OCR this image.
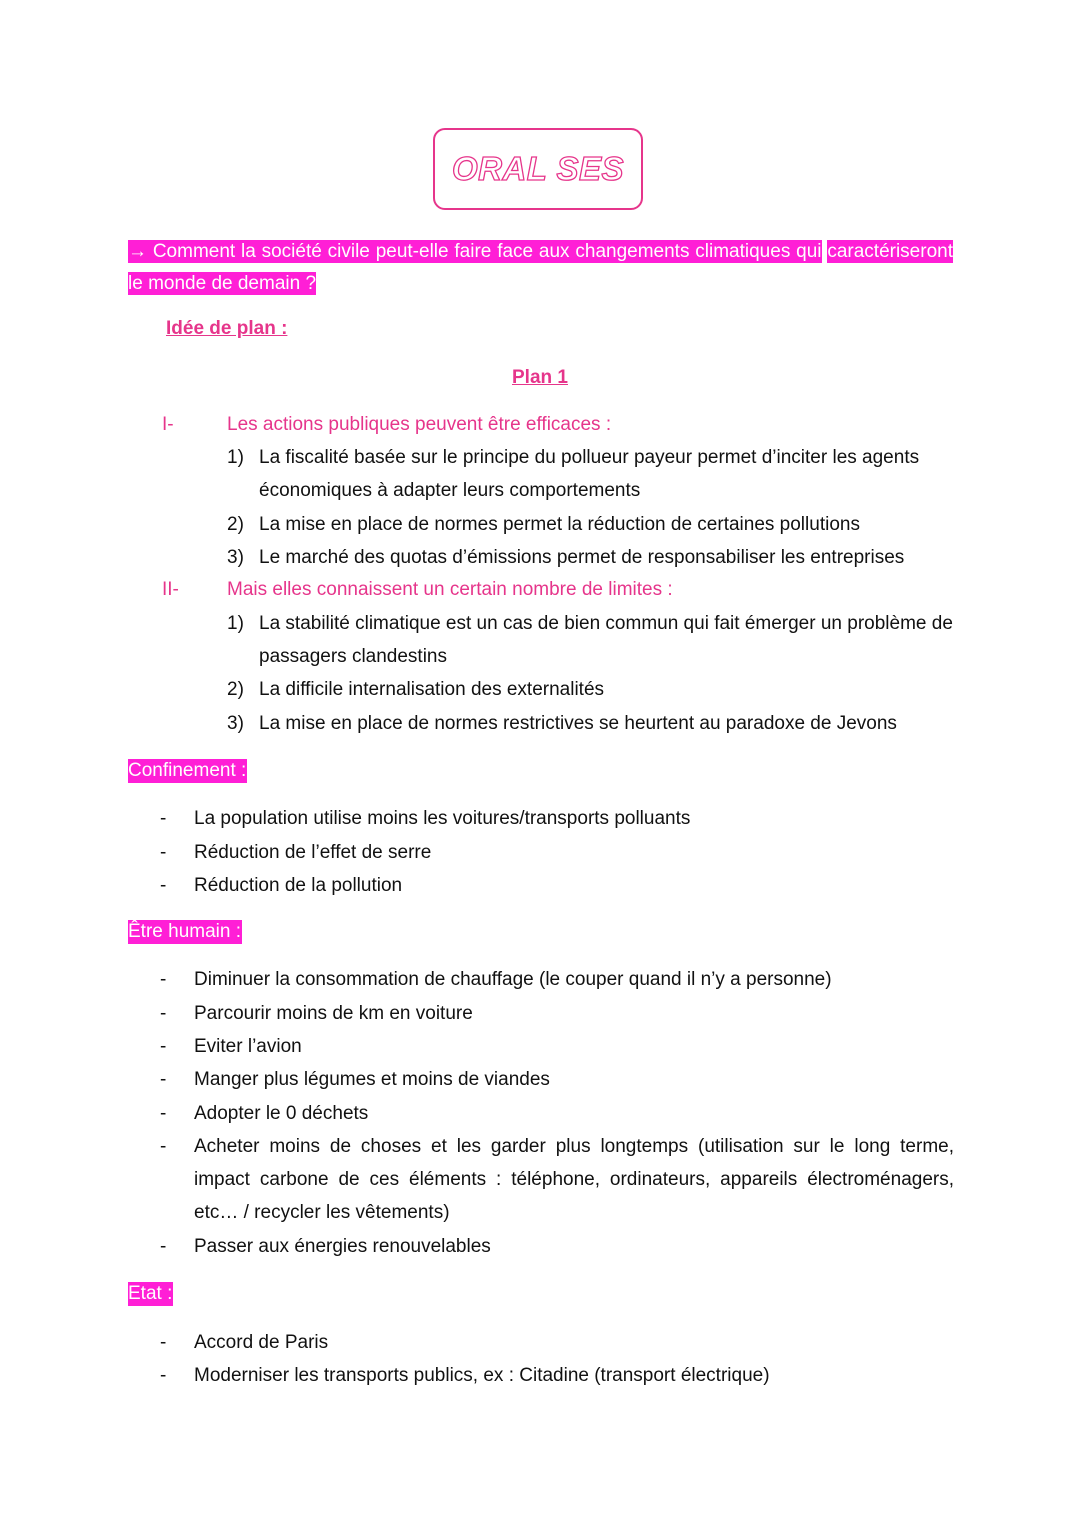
ORAL SES
→ Comment la société civile peut-elle faire face aux changements climatiques qui caractériseront le monde de demain ?
Idée de plan :
Plan 1
I-	Les actions publiques peuvent être efficaces :
1) La fiscalité basée sur le principe du pollueur payeur permet d’inciter les agents économiques à adapter leurs comportements
2) La mise en place de normes permet la réduction de certaines pollutions
3) Le marché des quotas d’émissions permet de responsabiliser les entreprises
II-	Mais elles connaissent un certain nombre de limites :
1) La stabilité climatique est un cas de bien commun qui fait émerger un problème de passagers clandestins
2) La difficile internalisation des externalités
3) La mise en place de normes restrictives se heurtent au paradoxe de Jevons
Confinement :
- La population utilise moins les voitures/transports polluants
- Réduction de l’effet de serre
- Réduction de la pollution
Être humain :
- Diminuer la consommation de chauffage (le couper quand il n’y a personne)
- Parcourir moins de km en voiture
- Eviter l’avion
- Manger plus légumes et moins de viandes
- Adopter le 0 déchets
- Acheter moins de choses et les garder plus longtemps (utilisation sur le long terme, impact carbone de ces éléments : téléphone, ordinateurs, appareils électroménagers, etc… / recycler les vêtements)
- Passer aux énergies renouvelables
Etat :
- Accord de Paris
- Moderniser les transports publics, ex : Citadine (transport électrique)
